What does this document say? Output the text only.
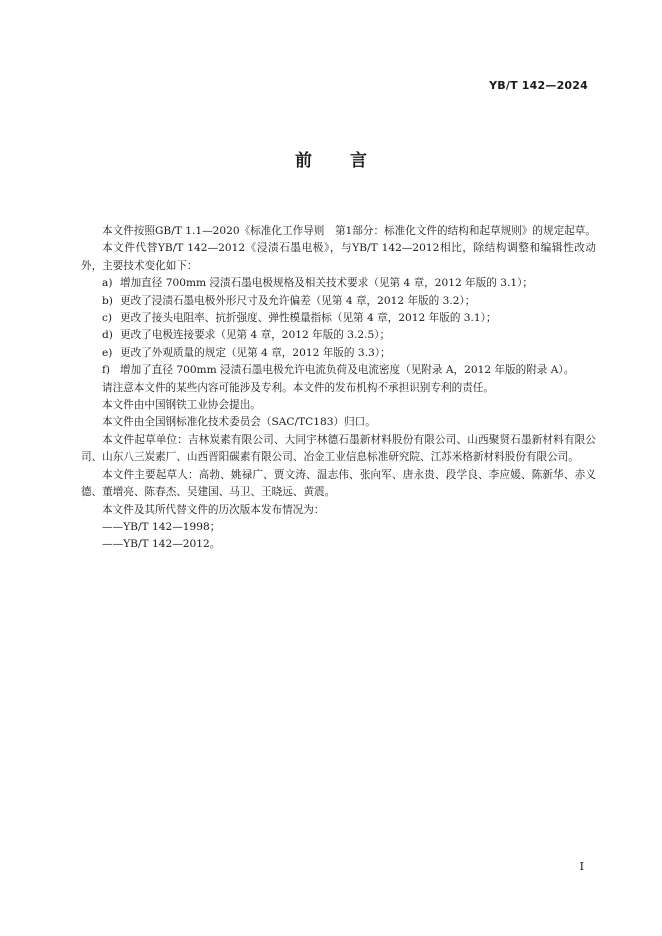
YB/T 142—2024
前言

本文件按照GB/T 1.1—2020《标准化工作导则　第1部分：标准化文件的结构和起草规则》的规定起草。

本文件代替YB/T 142—2012《浸渍石墨电极》，与YB/T 142—2012相比，除结构调整和编辑性改动外，主要技术变化如下：

a) 增加直径 700mm 浸渍石墨电极规格及相关技术要求（见第 4 章，2012 年版的 3.1）；

b) 更改了浸渍石墨电极外形尺寸及允许偏差（见第 4 章，2012 年版的 3.2）；

c) 更改了接头电阻率、抗折强度、弹性模量指标（见第 4 章，2012 年版的 3.1）；

d) 更改了电极连接要求（见第 4 章，2012 年版的 3.2.5）；

e) 更改了外观质量的规定（见第 4 章，2012 年版的 3.3）；

f) 增加了直径 700mm 浸渍石墨电极允许电流负荷及电流密度（见附录 A，2012 年版的附录 A）。

请注意本文件的某些内容可能涉及专利。本文件的发布机构不承担识别专利的责任。

本文件由中国钢铁工业协会提出。

本文件由全国钢标准化技术委员会（SAC/TC183）归口。

本文件起草单位：吉林炭素有限公司、大同宇林德石墨新材料股份有限公司、山西聚贤石墨新材料有限公司、山东八三炭素厂、山西晋阳碳素有限公司、冶金工业信息标准研究院、江苏米格新材料股份有限公司。

本文件主要起草人：高勃、姚禄广、贾文涛、温志伟、张向军、唐永贵、段学良、李应媛、陈新华、赤义德、董增亮、陈春杰、吴建国、马卫、王晓远、黄震。

本文件及其所代替文件的历次版本发布情况为：

——YB/T 142—1998；

——YB/T 142—2012。

I
